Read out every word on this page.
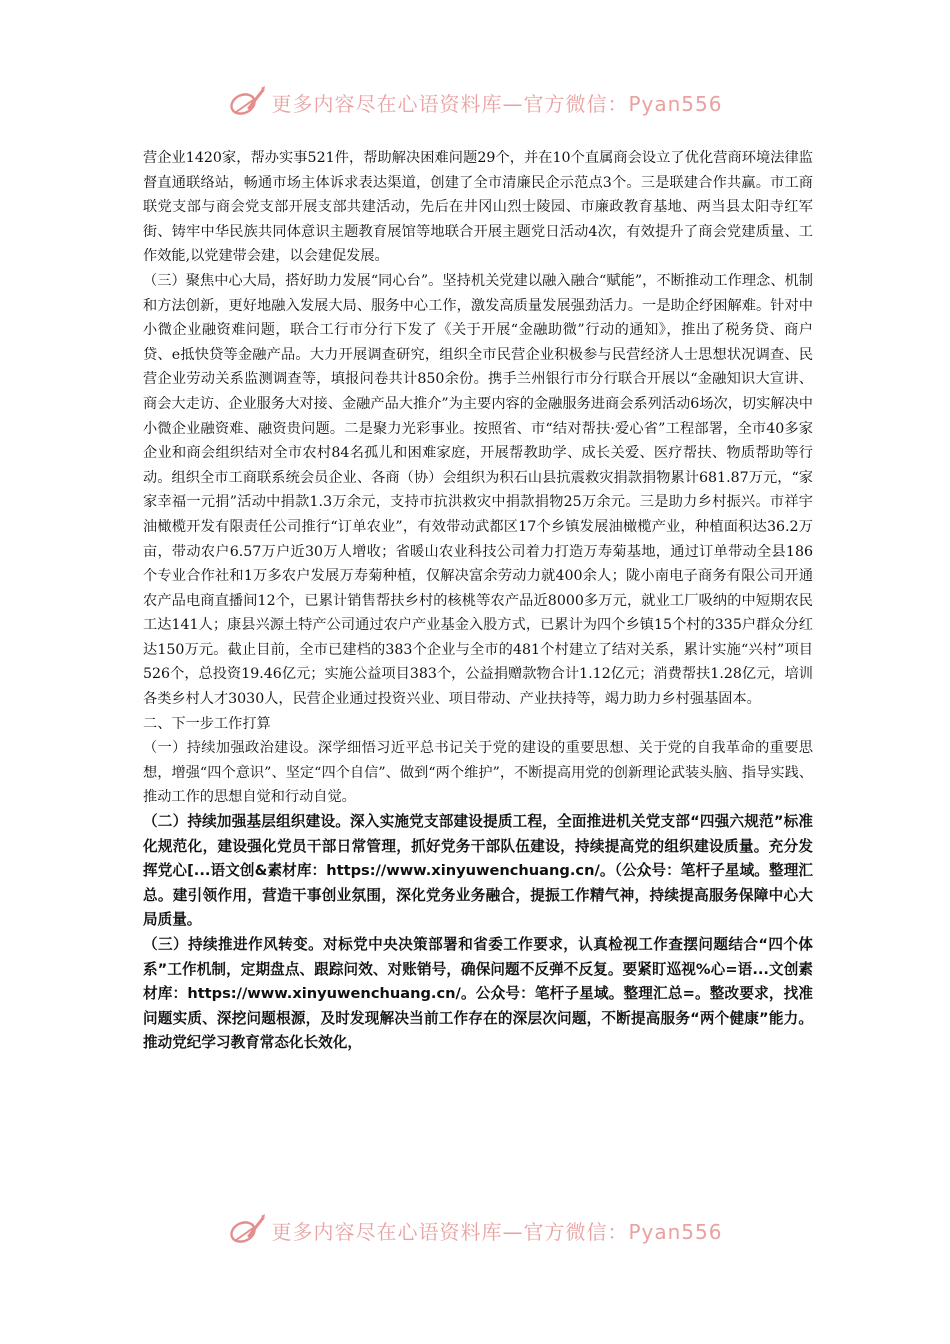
更多内容尽在心语资料库—官方微信：Pyan556

营企业1420家，帮办实事521件，帮助解决困难问题29个，并在10个直属商会设立了优化营商环境法律监督直通联络站，畅通市场主体诉求表达渠道，创建了全市清廉民企示范点3个。三是联建合作共赢。市工商联党支部与商会党支部开展支部共建活动，先后在井冈山烈士陵园、市廉政教育基地、两当县太阳寺红军街、铸牢中华民族共同体意识主题教育展馆等地联合开展主题党日活动4次，有效提升了商会党建质量、工作效能,以党建带会建，以会建促发展。

（三）聚焦中心大局，搭好助力发展“同心台”。坚持机关党建以融入融合“赋能”，不断推动工作理念、机制和方法创新，更好地融入发展大局、服务中心工作，激发高质量发展强劲活力。一是助企纾困解难。针对中小微企业融资难问题，联合工行市分行下发了《关于开展“金融助微”行动的通知》，推出了税务贷、商户贷、e抵快贷等金融产品。大力开展调查研究，组织全市民营企业积极参与民营经济人士思想状况调查、民营企业劳动关系监测调查等，填报问卷共计850余份。携手兰州银行市分行联合开展以“金融知识大宣讲、商会大走访、企业服务大对接、金融产品大推介”为主要内容的金融服务进商会系列活动6场次，切实解决中小微企业融资难、融资贵问题。二是聚力光彩事业。按照省、市“结对帮扶·爱心省”工程部署，全市40多家企业和商会组织结对全市农村84名孤儿和困难家庭，开展帮教助学、成长关爱、医疗帮扶、物质帮助等行动。组织全市工商联系统会员企业、各商（协）会组织为积石山县抗震救灾捐款捐物累计681.87万元，“家家幸福一元捐”活动中捐款1.3万余元，支持市抗洪救灾中捐款捐物25万余元。三是助力乡村振兴。市祥宇油橄榄开发有限责任公司推行“订单农业”，有效带动武都区17个乡镇发展油橄榄产业，种植面积达36.2万亩，带动农户6.57万户近30万人增收；省暖山农业科技公司着力打造万寿菊基地，通过订单带动全县186个专业合作社和1万多农户发展万寿菊种植，仅解决富余劳动力就400余人；陇小南电子商务有限公司开通农产品电商直播间12个，已累计销售帮扶乡村的核桃等农产品近8000多万元，就业工厂吸纳的中短期农民工达141人；康县兴源土特产公司通过农户产业基金入股方式，已累计为四个乡镇15个村的335户群众分红达150万元。截止目前，全市已建档的383个企业与全市的481个村建立了结对关系，累计实施“兴村”项目526个，总投资19.46亿元；实施公益项目383个，公益捐赠款物合计1.12亿元；消费帮扶1.28亿元，培训各类乡村人才3030人，民营企业通过投资兴业、项目带动、产业扶持等，竭力助力乡村强基固本。

二、下一步工作打算

（一）持续加强政治建设。深学细悟习近平总书记关于党的建设的重要思想、关于党的自我革命的重要思想，增强“四个意识”、坚定“四个自信”、做到“两个维护”，不断提高用党的创新理论武装头脑、指导实践、推动工作的思想自觉和行动自觉。

（二）持续加强基层组织建设。深入实施党支部建设提质工程，全面推进机关党支部“四强六规范”标准化规范化，建设强化党员干部日常管理，抓好党务干部队伍建设，持续提高党的组织建设质量。充分发挥党心[...语文创&素材库：https://www.xinyuwenchuang.cn/。（公众号：笔杆子星域。整理汇总。建引领作用，营造干事创业氛围，深化党务业务融合，提振工作精气神，持续提高服务保障中心大局质量。

（三）持续推进作风转变。对标党中央决策部署和省委工作要求，认真检视工作查摆问题结合“四个体系”工作机制，定期盘点、跟踪问效、对账销号，确保问题不反弹不反复。要紧盯巡视%心=语...文创素材库：https://www.xinyuwenchuang.cn/。公众号：笔杆子星域。整理汇总=。整改要求，找准问题实质、深挖问题根源，及时发现解决当前工作存在的深层次问题，不断提高服务“两个健康”能力。推动党纪学习教育常态化长效化，

更多内容尽在心语资料库—官方微信：Pyan556
